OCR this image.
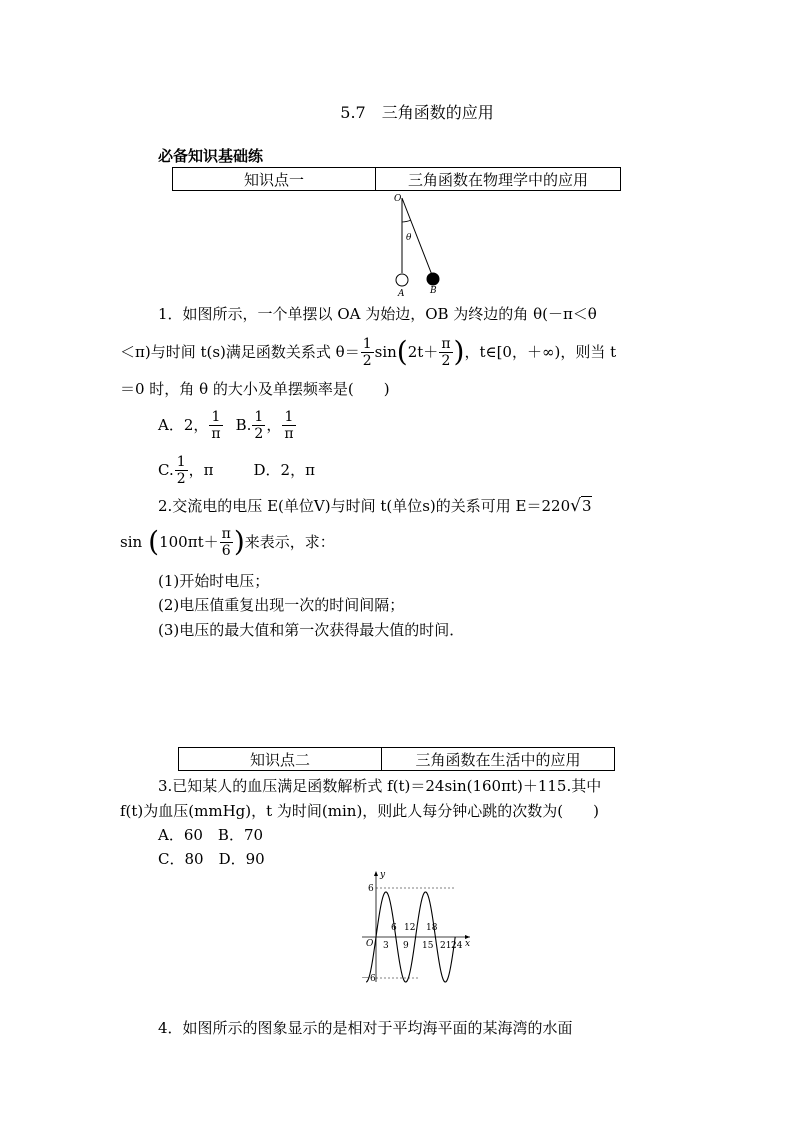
5.7　三角函数的应用
必备知识基础练
知识点一	三角函数在物理学中的应用
O
θ
A	B
1．如图所示，一个单摆以 OA 为始边，OB 为终边的角 θ(－π＜θ
＜π)与时间 t(s)满足函数关系式 $\theta= \frac{1}{2}$ sin ( $2t+ \frac{\pi}{2}$ ) ，t∈[0，＋∞)，则当 t
＝0 时，角 θ 的大小及单摆频率是(　　)
A．2， $\frac{1}{\pi} B$. $\frac{1}{2}$ ， $\frac{1}{\pi}$
C. $\frac{1}{2}$ ，π	D．2，π
2.交流电的电压 E(单位V)与时间 t(单位s)的关系可用 E＝220√3
sin ( $100\pi t+ \frac{\pi}{6}$ ) 来表示，求：
(1)开始时电压；
(2)电压值重复出现一次的时间间隔；
(3)电压的最大值和第一次获得最大值的时间．
知识点二	三角函数在生活中的应用
3.已知某人的血压满足函数解析式 f(t)＝24sin(160πt)＋115.其中
f(t)为血压(mmHg)，t 为时间(min)，则此人每分钟心跳的次数为(　　)
A．60　B．70
C．80　D．90
y
x
O
6
－6
6 12 18
3 9 15 21 24
4．如图所示的图象显示的是相对于平均海平面的某海湾的水面
